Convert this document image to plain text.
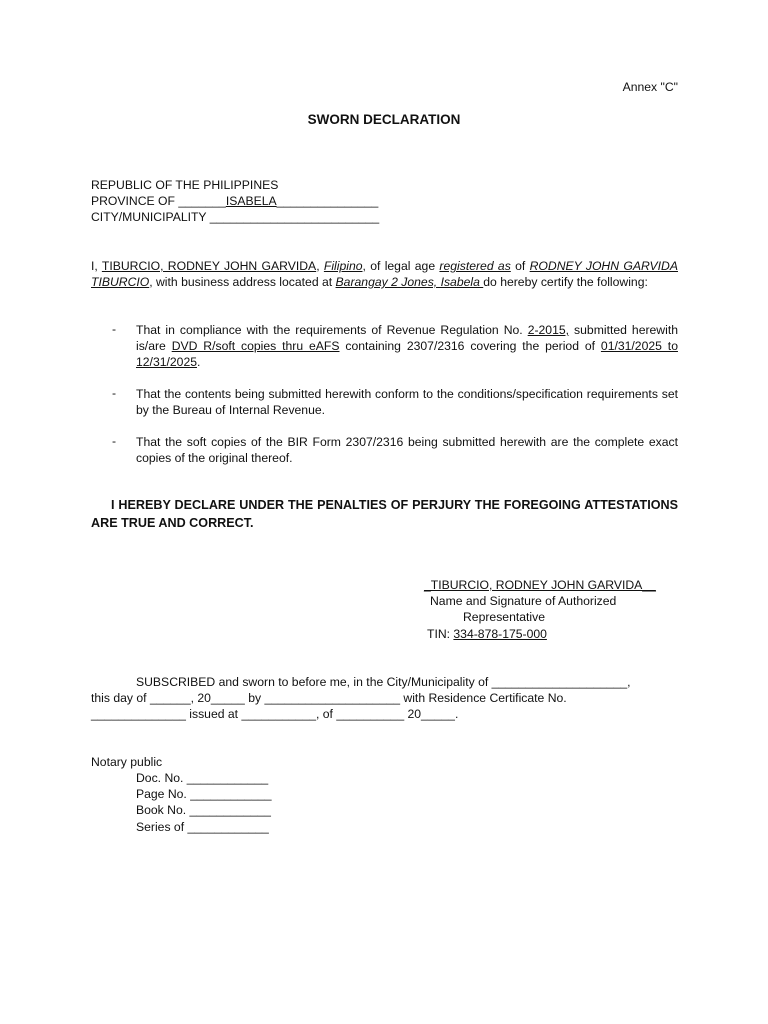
Annex "C"
SWORN DECLARATION
REPUBLIC OF THE PHILIPPINES
PROVINCE OF _______ISABELA_______________
CITY/MUNICIPALITY _________________________
I, TIBURCIO, RODNEY JOHN GARVIDA, Filipino, of legal age registered as of RODNEY JOHN GARVIDA TIBURCIO, with business address located at Barangay 2 Jones, Isabela do hereby certify the following:
- That in compliance with the requirements of Revenue Regulation No. 2-2015, submitted herewith is/are DVD R/soft copies thru eAFS containing 2307/2316 covering the period of 01/31/2025 to 12/31/2025.
- That the contents being submitted herewith conform to the conditions/specification requirements set by the Bureau of Internal Revenue.
- That the soft copies of the BIR Form 2307/2316 being submitted herewith are the complete exact copies of the original thereof.
I HEREBY DECLARE UNDER THE PENALTIES OF PERJURY THE FOREGOING ATTESTATIONS ARE TRUE AND CORRECT.
_TIBURCIO, RODNEY JOHN GARVIDA__
Name and Signature of Authorized
Representative
TIN: 334-878-175-000
SUBSCRIBED and sworn to before me, in the City/Municipality of ____________________,
this day of ______, 20_____ by ____________________ with Residence Certificate No.
______________ issued at ___________, of __________ 20_____.
Notary public
Doc. No. ____________
Page No. ____________
Book No. ____________
Series of ____________
